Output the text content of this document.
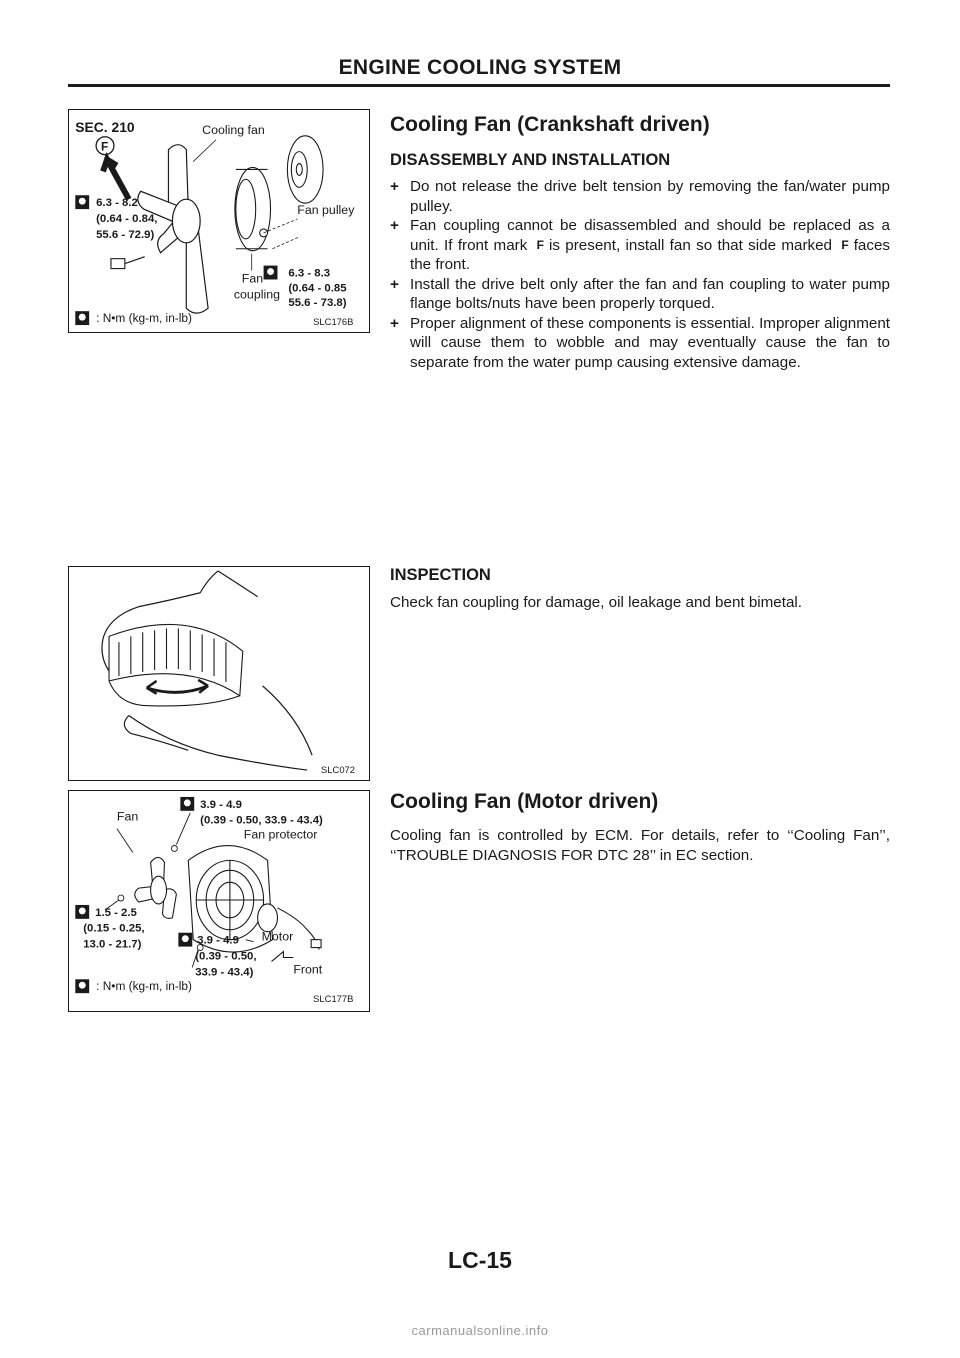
ENGINE COOLING SYSTEM
SEC. 210
F
Cooling fan
Fan pulley
Fan
coupling
6.3 - 8.2
(0.64 - 0.84,
55.6 - 72.9)
6.3 - 8.3
(0.64 - 0.85
55.6 - 73.8)
: N•m (kg-m, in-lb)	SLC176B
Cooling Fan (Crankshaft driven)
DISASSEMBLY AND INSTALLATION
+ Do not release the drive belt tension by removing the fan/water pump pulley.
+ Fan coupling cannot be disassembled and should be replaced as a unit. If front mark F is present, install fan so that side marked F faces the front.
+ Install the drive belt only after the fan and fan coupling to water pump flange bolts/nuts have been properly torqued.
+ Proper alignment of these components is essential. Improper alignment will cause them to wobble and may eventually cause the fan to separate from the water pump causing extensive damage.
SLC072
INSPECTION

Check fan coupling for damage, oil leakage and bent bimetal.

3.9 - 4.9
(0.39 - 0.50, 33.9 - 43.4)
Fan
Fan protector
1.5 - 2.5
(0.15 - 0.25,
13.0 - 21.7)	3.9 - 4.9
(0.39 - 0.50,
33.9 - 43.4)
Motor
Front
: N•m (kg-m, in-lb)
SLC177B
Cooling Fan (Motor driven)

Cooling fan is controlled by ECM. For details, refer to ‘‘Cooling Fan’’, ‘‘TROUBLE DIAGNOSIS FOR DTC 28’’ in EC section.

LC-15
carmanualsonline.info
